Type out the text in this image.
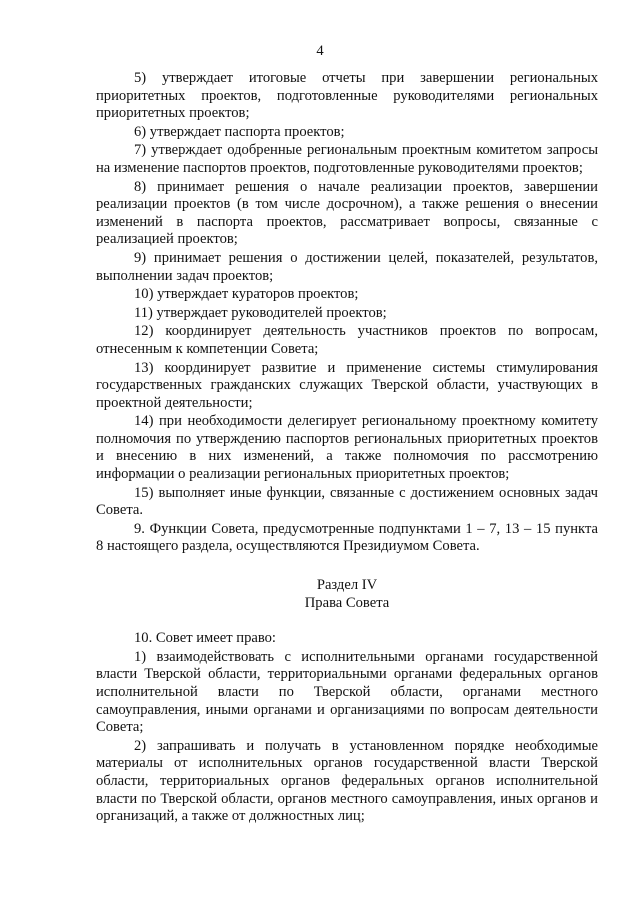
4

5) утверждает итоговые отчеты при завершении региональных приоритетных проектов, подготовленные руководителями региональных приоритетных проектов;

6) утверждает паспорта проектов;

7) утверждает одобренные региональным проектным комитетом запросы на изменение паспортов проектов, подготовленные руководителями проектов;

8) принимает решения о начале реализации проектов, завершении реализации проектов (в том числе досрочном), а также решения о внесении изменений в паспорта проектов, рассматривает вопросы, связанные с реализацией проектов;

9) принимает решения о достижении целей, показателей, результатов, выполнении задач проектов;

10) утверждает кураторов проектов;

11) утверждает руководителей проектов;

12) координирует деятельность участников проектов по вопросам, отнесенным к компетенции Совета;

13) координирует развитие и применение системы стимулирования государственных гражданских служащих Тверской области, участвующих в проектной деятельности;

14) при необходимости делегирует региональному проектному комитету полномочия по утверждению паспортов региональных приоритетных проектов и внесению в них изменений, а также полномочия по рассмотрению информации о реализации региональных приоритетных проектов;

15) выполняет иные функции, связанные с достижением основных задач Совета.

9. Функции Совета, предусмотренные подпунктами 1 – 7, 13 – 15 пункта 8 настоящего раздела, осуществляются Президиумом Совета.

Раздел IV

Права Совета

10. Совет имеет право:

1) взаимодействовать с исполнительными органами государственной власти Тверской области, территориальными органами федеральных органов исполнительной власти по Тверской области, органами местного самоуправления, иными органами и организациями по вопросам деятельности Совета;

2) запрашивать и получать в установленном порядке необходимые материалы от исполнительных органов государственной власти Тверской области, территориальных органов федеральных органов исполнительной власти по Тверской области, органов местного самоуправления, иных органов и организаций, а также от должностных лиц;
